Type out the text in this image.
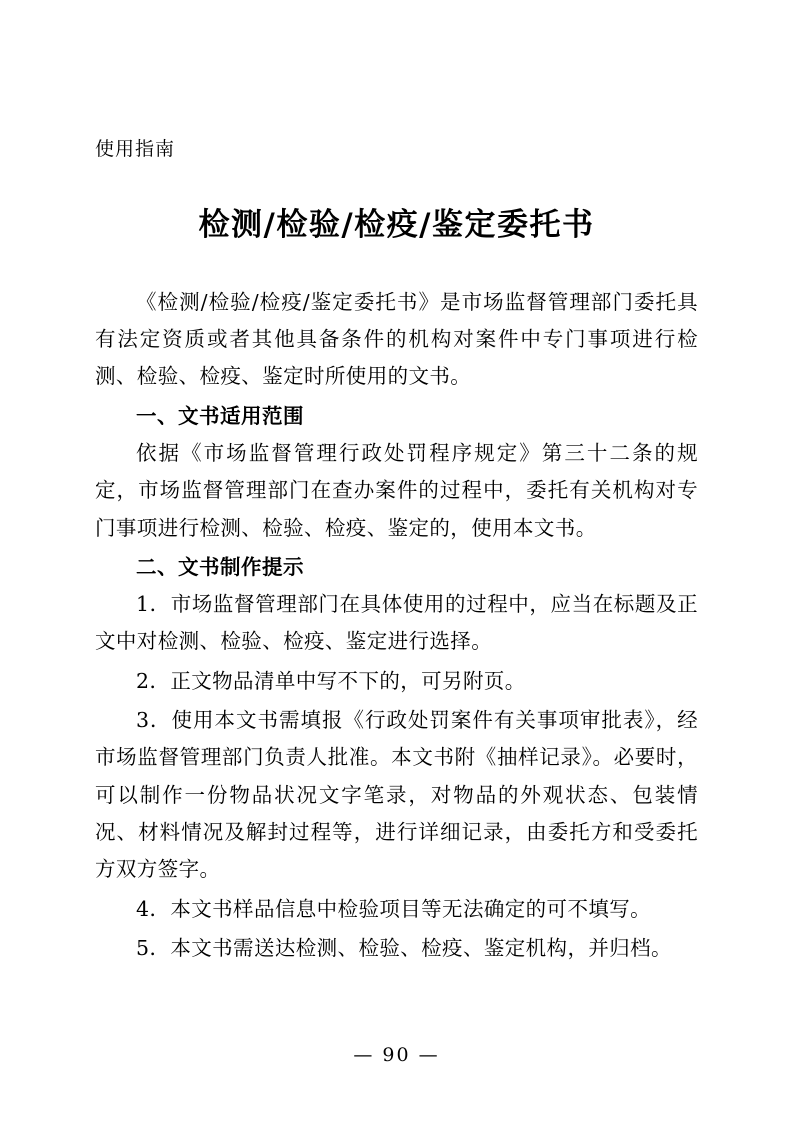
使用指南
检测/检验/检疫/鉴定委托书

《检测/检验/检疫/鉴定委托书》是市场监督管理部门委托具有法定资质或者其他具备条件的机构对案件中专门事项进行检测、检验、检疫、鉴定时所使用的文书。

一、文书适用范围

依据《市场监督管理行政处罚程序规定》第三十二条的规定，市场监督管理部门在查办案件的过程中，委托有关机构对专门事项进行检测、检验、检疫、鉴定的，使用本文书。

二、文书制作提示

1．市场监督管理部门在具体使用的过程中，应当在标题及正文中对检测、检验、检疫、鉴定进行选择。

2．正文物品清单中写不下的，可另附页。

3．使用本文书需填报《行政处罚案件有关事项审批表》，经市场监督管理部门负责人批准。本文书附《抽样记录》。必要时，可以制作一份物品状况文字笔录，对物品的外观状态、包装情况、材料情况及解封过程等，进行详细记录，由委托方和受委托方双方签字。

4．本文书样品信息中检验项目等无法确定的可不填写。

5．本文书需送达检测、检验、检疫、鉴定机构，并归档。

— 90 —
